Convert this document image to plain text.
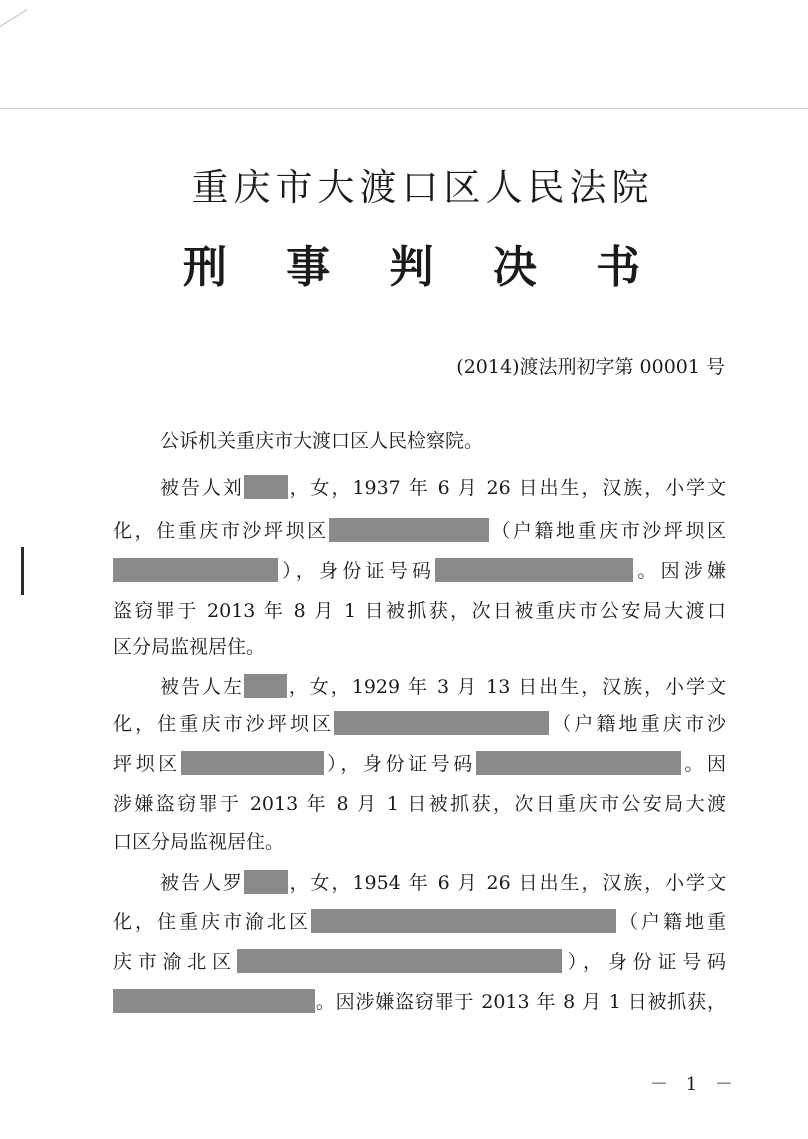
重庆市大渡口区人民法院
刑 事 判 决 书
(2014)渡法刑初字第 00001 号
公诉机关重庆市大渡口区人民检察院。
被告人刘 ，女，1937 年 6 月 26 日出生，汉族，小学文
化，住重庆市沙坪坝区	（户籍地重庆市沙坪坝区
），身份证号码	。因涉嫌
盗窃罪于 2013 年 8 月 1 日被抓获，次日被重庆市公安局大渡口
区分局监视居住。
被告人左 ，女，1929 年 3 月 13 日出生，汉族，小学文
化，住重庆市沙坪坝区	（户籍地重庆市沙
坪坝区	），身份证号码	。因
涉嫌盗窃罪于 2013 年 8 月 1 日被抓获，次日重庆市公安局大渡
口区分局监视居住。
被告人罗 ，女，1954 年 6 月 26 日出生，汉族，小学文
化，住重庆市渝北区	（户籍地重
庆市渝北区	），身份证号码
。因涉嫌盗窃罪于 2013 年 8 月 1 日被抓获，
－ 1 －
